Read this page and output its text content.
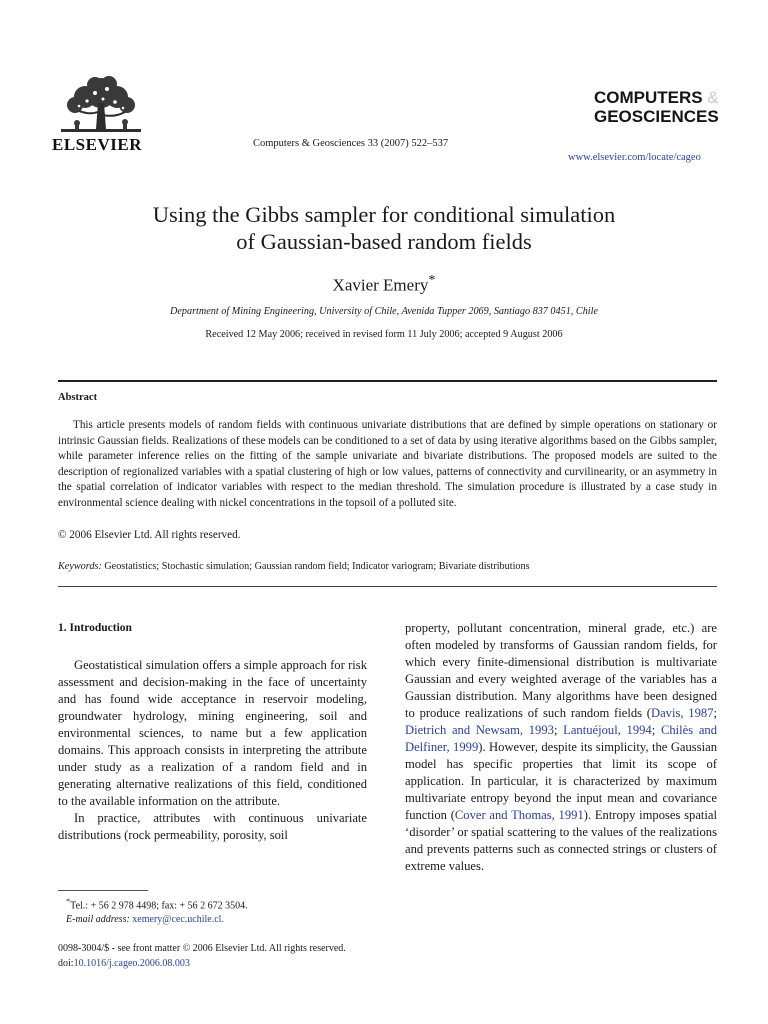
ELSEVIER	Computers & Geosciences 33 (2007) 522–537
COMPUTERS &
GEOSCIENCES
www.elsevier.com/locate/cageo
Using the Gibbs sampler for conditional simulation
of Gaussian-based random fields
Xavier Emery*
Department of Mining Engineering, University of Chile, Avenida Tupper 2069, Santiago 837 0451, Chile
Received 12 May 2006; received in revised form 11 July 2006; accepted 9 August 2006
Abstract

This article presents models of random fields with continuous univariate distributions that are defined by simple operations on stationary or intrinsic Gaussian fields. Realizations of these models can be conditioned to a set of data by using iterative algorithms based on the Gibbs sampler, while parameter inference relies on the fitting of the sample univariate and bivariate distributions. The proposed models are suited to the description of regionalized variables with a spatial clustering of high or low values, patterns of connectivity and curvilinearity, or an asymmetry in the spatial correlation of indicator variables with respect to the median threshold. The simulation procedure is illustrated by a case study in environmental science dealing with nickel concentrations in the topsoil of a polluted site.

© 2006 Elsevier Ltd. All rights reserved.
Keywords: Geostatistics; Stochastic simulation; Gaussian random field; Indicator variogram; Bivariate distributions
1. Introduction

Geostatistical simulation offers a simple approach for risk assessment and decision-making in the face of uncertainty and has found wide acceptance in reservoir modeling, groundwater hydrology, mining engineering, soil and environmental sciences, to name but a few application domains. This approach consists in interpreting the attribute under study as a realization of a random field and in generating alternative realizations of this field, conditioned to the available information on the attribute.

In practice, attributes with continuous univariate distributions (rock permeability, porosity, soil

property, pollutant concentration, mineral grade, etc.) are often modeled by transforms of Gaussian random fields, for which every finite-dimensional distribution is multivariate Gaussian and every weighted average of the variables has a Gaussian distribution. Many algorithms have been designed to produce realizations of such random fields (Davis, 1987; Dietrich and Newsam, 1993; Lantuéjoul, 1994; Chilès and Delfiner, 1999). However, despite its simplicity, the Gaussian model has specific properties that limit its scope of application. In particular, it is characterized by maximum multivariate entropy beyond the input mean and covariance function (Cover and Thomas, 1991). Entropy imposes spatial ‘disorder’ or spatial scattering to the values of the realizations and prevents patterns such as connected strings or clusters of extreme values.

*Tel.: + 56 2 978 4498; fax: + 56 2 672 3504.
E-mail address: xemery@cec.uchile.cl.
0098-3004/$ - see front matter © 2006 Elsevier Ltd. All rights reserved.
doi:10.1016/j.cageo.2006.08.003
